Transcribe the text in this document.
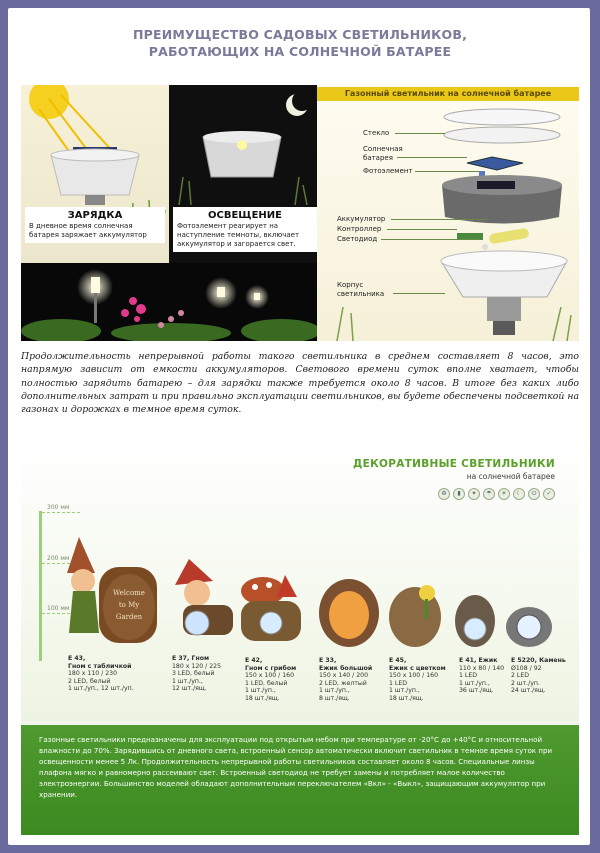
ПРЕИМУЩЕСТВО САДОВЫХ СВЕТИЛЬНИКОВ,
РАБОТАЮЩИХ НА СОЛНЕЧНОЙ БАТАРЕЕ
ЗАРЯДКА
В дневное время солнечная батарея заряжает аккумулятор
ОСВЕЩЕНИЕ
Фотоэлемент реагирует на наступление темноты, включает аккумулятор и загорается свет.
Газонный светильник на солнечной батарее
Стекло
Солнечная
батарея
Фотоэлемент
Аккумулятор
Контроллер
Светодиод
Корпус
светильника
Продолжительность непрерывной работы такого светильника в среднем составляет 8 часов, это напрямую зависит от емкости аккумуляторов. Светового времени суток вполне хватает, чтобы полностью зарядить батарею – для зарядки также требуется около 8 часов. В итоге без каких либо дополнительных затрат и при правильно эксплуатации светильников, вы будете обеспечены подсветкой на газонах и дорожках в темное время суток.
ДЕКОРАТИВНЫЕ СВЕТИЛЬНИКИ
на солнечной батарее
♻	▮	✦	☂	☀	☾	⏻	✓
300 мм
200 мм
100 мм
Welcome
to My
Garden
E 43,
Гном с табличкой
180 х 110 / 230
2 LED, белый
1 шт./уп., 12 шт./уп.
E 37, Гном
180 х 120 / 225
3 LED, белый
1 шт./уп.,
12 шт./ящ.
E 42,
Гном с грибом
150 х 100 / 160
1 LED, белый
1 шт./уп.,
18 шт./ящ.
E 33,
Ежик большой
150 х 140 / 200
2 LED, желтый
1 шт./уп.,
8 шт./ящ.
E 45,
Ежик с цветком
150 х 100 / 160
1 LED
1 шт./уп.,
18 шт./ящ.
E 41, Ежик
110 х 80 / 140
1 LED
1 шт./уп.,
36 шт./ящ.
E 5220, Камень
Ø108 / 92
2 LED
2 шт./уп.
24 шт./ящ.
Газонные светильники предназначены для эксплуатации под открытым небом при температуре от -20°С до +40°С и относительной влажности до 70%. Зарядившись от дневного света, встроенный сенсор автоматически включит светильник в темное время суток при освещенности менее 5 Лк. Продолжительность непрерывной работы светильников составляет около 8 часов. Специальные линзы плафона мягко и равномерно рассеивают свет. Встроенный светодиод не требует замены и потребляет малое количество электроэнергии. Большинство моделей обладают дополнительным переключателем «Вкл» - «Выкл», защищающим аккумулятор при хранении.
